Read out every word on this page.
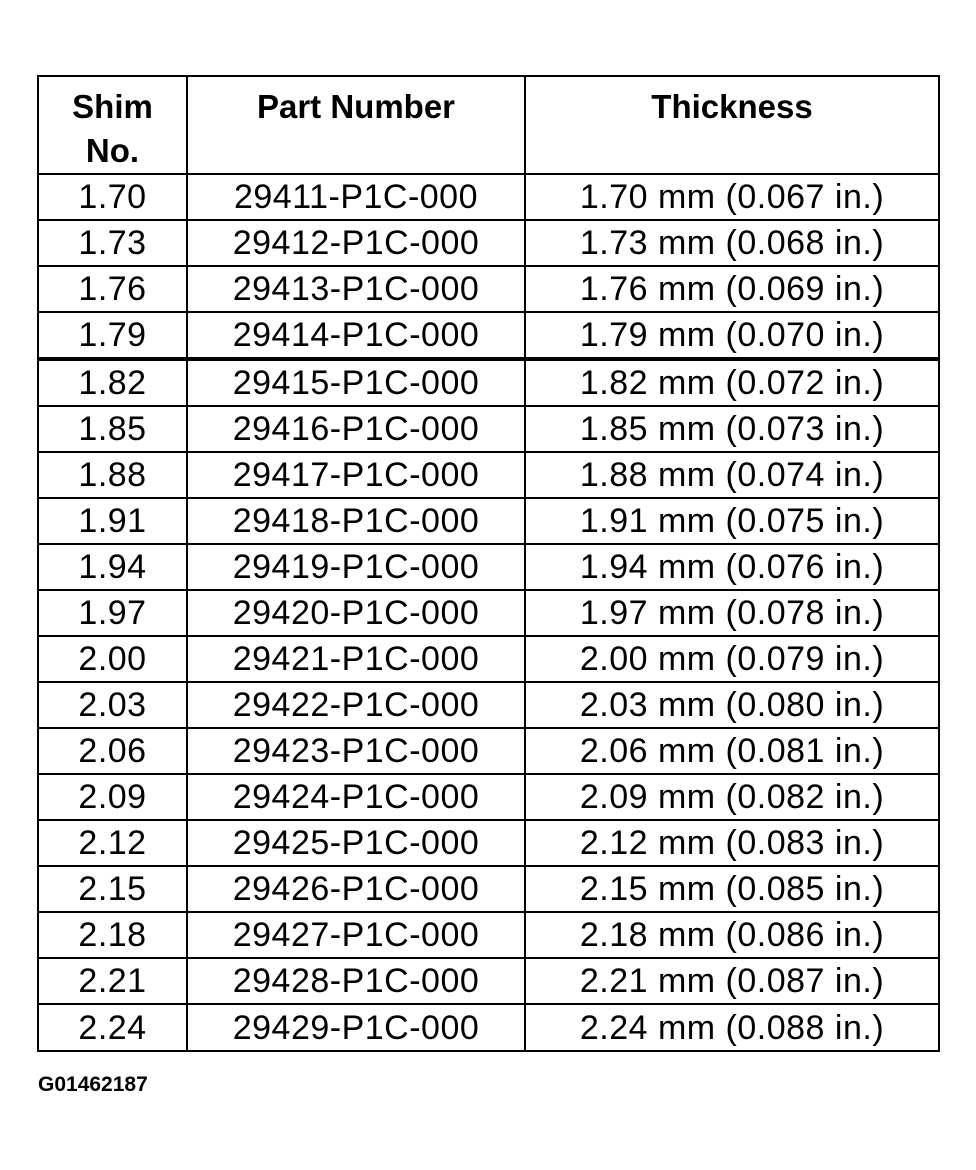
Shim
No.	Part Number	Thickness
1.70	29411-P1C-000	1.70 mm (0.067 in.)
1.73	29412-P1C-000	1.73 mm (0.068 in.)
1.76	29413-P1C-000	1.76 mm (0.069 in.)
1.79	29414-P1C-000	1.79 mm (0.070 in.)
1.82	29415-P1C-000	1.82 mm (0.072 in.)
1.85	29416-P1C-000	1.85 mm (0.073 in.)
1.88	29417-P1C-000	1.88 mm (0.074 in.)
1.91	29418-P1C-000	1.91 mm (0.075 in.)
1.94	29419-P1C-000	1.94 mm (0.076 in.)
1.97	29420-P1C-000	1.97 mm (0.078 in.)
2.00	29421-P1C-000	2.00 mm (0.079 in.)
2.03	29422-P1C-000	2.03 mm (0.080 in.)
2.06	29423-P1C-000	2.06 mm (0.081 in.)
2.09	29424-P1C-000	2.09 mm (0.082 in.)
2.12	29425-P1C-000	2.12 mm (0.083 in.)
2.15	29426-P1C-000	2.15 mm (0.085 in.)
2.18	29427-P1C-000	2.18 mm (0.086 in.)
2.21	29428-P1C-000	2.21 mm (0.087 in.)
2.24	29429-P1C-000	2.24 mm (0.088 in.)
G01462187
